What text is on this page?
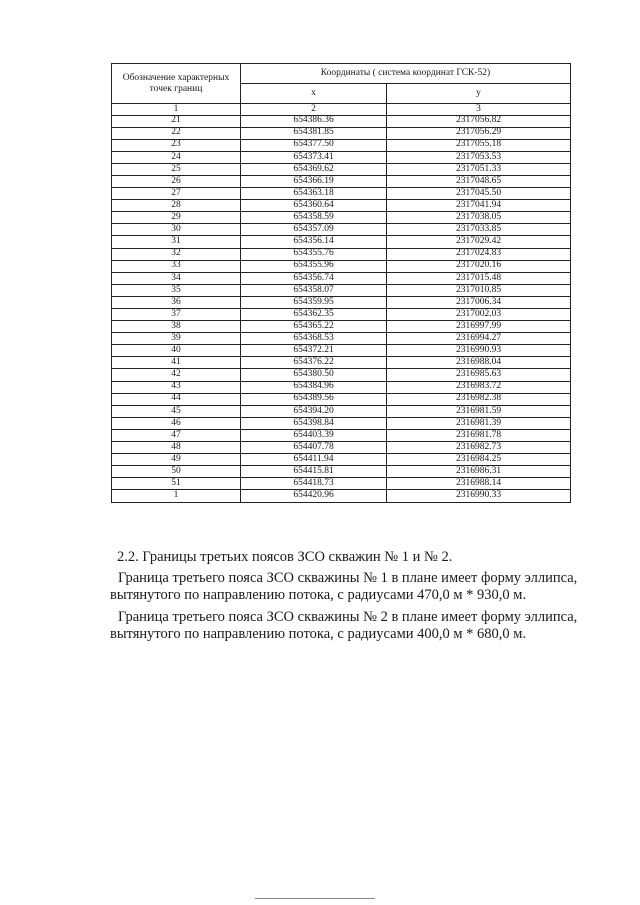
Обозначение характерных точек границ	Координаты ( система координат ГСК-52)	
	x	y
1	2	3
21	654386.36	2317056.82
22	654381.85	2317056.29
23	654377.50	2317055.18
24	654373.41	2317053.53
25	654369.62	2317051.33
26	654366.19	2317048.65
27	654363.18	2317045.50
28	654360.64	2317041.94
29	654358.59	2317038.05
30	654357.09	2317033.85
31	654356.14	2317029.42
32	654355.76	2317024.83
33	654355.96	2317020.16
34	654356.74	2317015.48
35	654358.07	2317010.85
36	654359.95	2317006.34
37	654362.35	2317002.03
38	654365.22	2316997.99
39	654368.53	2316994.27
40	654372.21	2316990.93
41	654376.22	2316988.04
42	654380.50	2316985.63
43	654384.96	2316983.72
44	654389.56	2316982.38
45	654394.20	2316981.59
46	654398.84	2316981.39
47	654403.39	2316981.78
48	654407.78	2316982.73
49	654411.94	2316984.25
50	654415.81	2316986.31
51	654418.73	2316988.14
1	654420.96	2316990.33
2.2. Границы третьих поясов ЗСО скважин № 1 и № 2.
Граница третьего пояса ЗСО скважины № 1 в плане имеет форму эллипса, вытянутого по направлению потока, с радиусами 470,0 м * 930,0 м.
Граница третьего пояса ЗСО скважины № 2 в плане имеет форму эллипса, вытянутого по направлению потока, с радиусами 400,0 м * 680,0 м.
